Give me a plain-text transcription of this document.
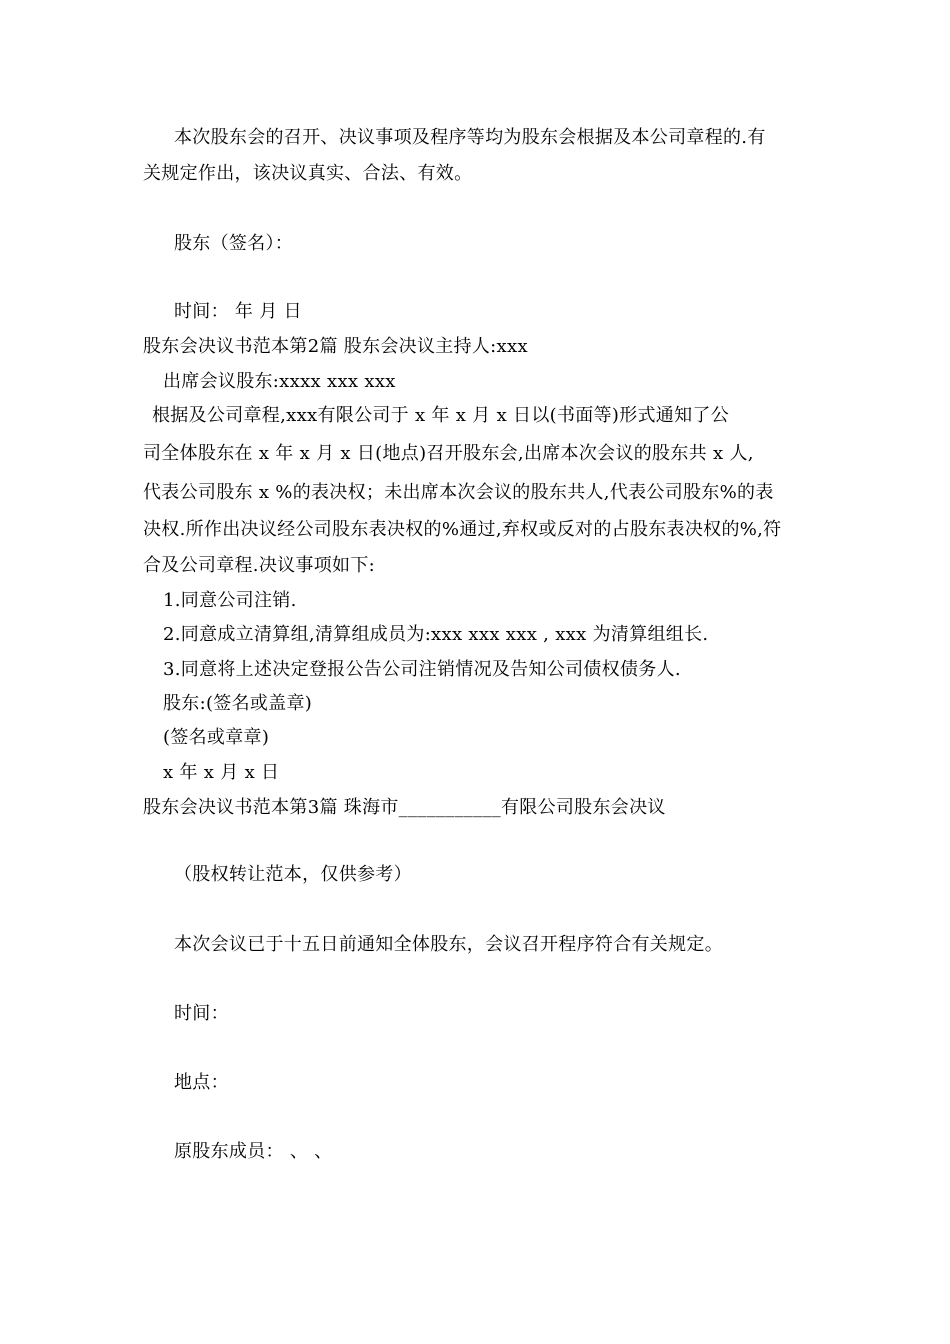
本次股东会的召开、决议事项及程序等均为股东会根据及本公司章程的.有
关规定作出，该决议真实、合法、有效。
股东（签名）：
时间： 年 月 日
股东会决议书范本第2篇 股东会决议主持人:xxx
出席会议股东:xxxx xxx xxx
根据及公司章程,xxx有限公司于 x 年 x 月 x 日以(书面等)形式通知了公
司全体股东在 x 年 x 月 x 日(地点)召开股东会,出席本次会议的股东共 x 人,
代表公司股东 x %的表决权；未出席本次会议的股东共人,代表公司股东%的表
决权.所作出决议经公司股东表决权的%通过,弃权或反对的占股东表决权的%,符
合及公司章程.决议事项如下:
1.同意公司注销.
2.同意成立清算组,清算组成员为:xxx xxx xxx , xxx 为清算组组长.
3.同意将上述决定登报公告公司注销情况及告知公司债权债务人.
股东:(签名或盖章)
(签名或章章)
x 年 x 月 x 日
股东会决议书范本第3篇 珠海市___________有限公司股东会决议
（股权转让范本，仅供参考）
本次会议已于十五日前通知全体股东，会议召开程序符合有关规定。
时间：
地点：
原股东成员： 、 、
